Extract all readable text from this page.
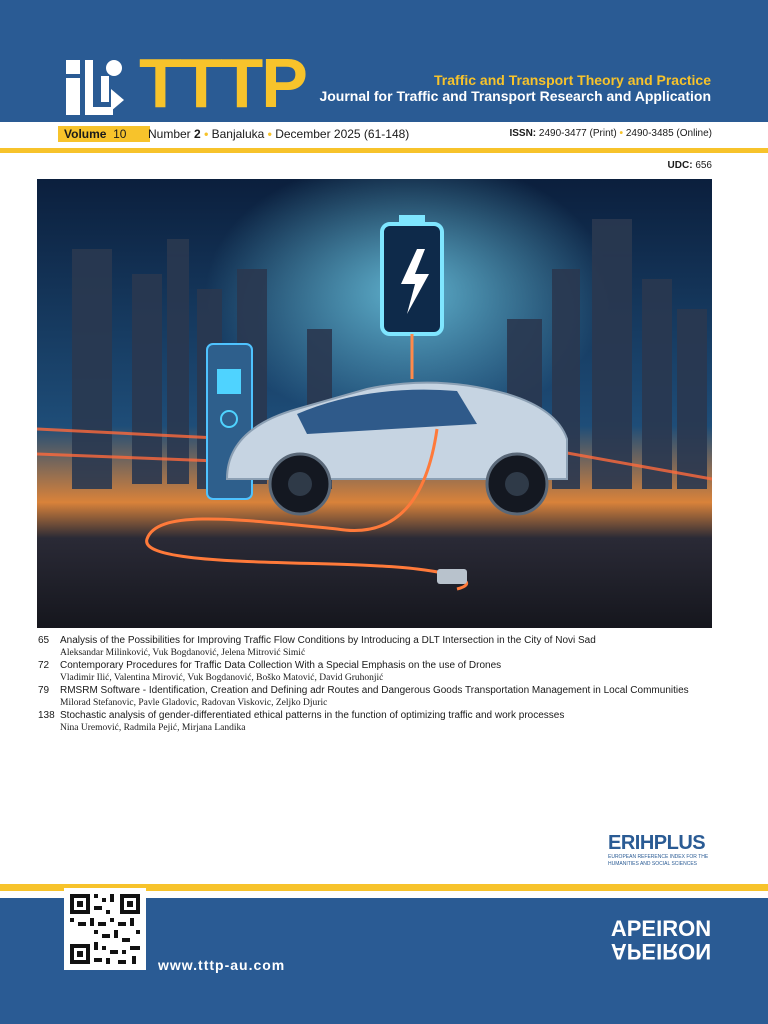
TTTP	Traffic and Transport Theory and Practice
Journal for Traffic and Transport Research and Application
Volume 10	Number 2 • Banjaluka • December 2025 (61-148)	ISSN: 2490-3477 (Print) • 2490-3485 (Online)
UDC: 656
65 Analysis of the Possibilities for Improving Traffic Flow Conditions by Introducing a DLT Intersection in the City of Novi Sad
Aleksandar Milinković, Vuk Bogdanović, Jelena Mitrović Simić
72 Contemporary Procedures for Traffic Data Collection With a Special Emphasis on the use of Drones
Vladimir Ilić, Valentina Mirović, Vuk Bogdanović, Boško Matović, David Gruhonjić
79 RMSRM Software - Identification, Creation and Defining adr Routes and Dangerous Goods Transportation Management in Local Communities
Milorad Stefanovic, Pavle Gladovic, Radovan Viskovic, Zeljko Djuric
138 Stochastic analysis of gender-differentiated ethical patterns in the function of optimizing traffic and work processes
Nina Uremović, Radmila Pejić, Mirjana Landika
ERIHPLUS
EUROPEAN REFERENCE INDEX FOR THE
HUMANITIES AND SOCIAL SCIENCES
www.tttp-au.com
APEIRON
APEIRON
